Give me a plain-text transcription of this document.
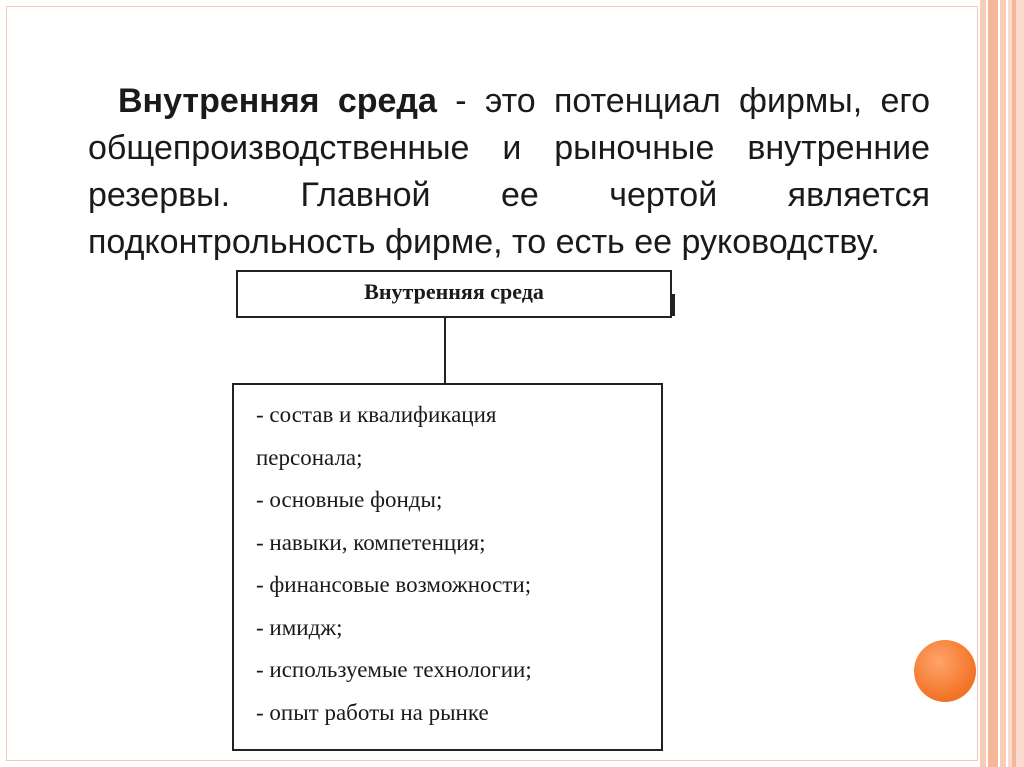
Внутренняя среда - это потенциал фирмы, его общепроизводственные и рыночные внутренние резервы. Главной ее чертой является подконтрольность фирме, то есть ее руководству.
Внутренняя среда
- состав и квалификация
персонала;
- основные фонды;
- навыки, компетенция;
- финансовые возможности;
- имидж;
- используемые технологии;
- опыт работы на рынке
